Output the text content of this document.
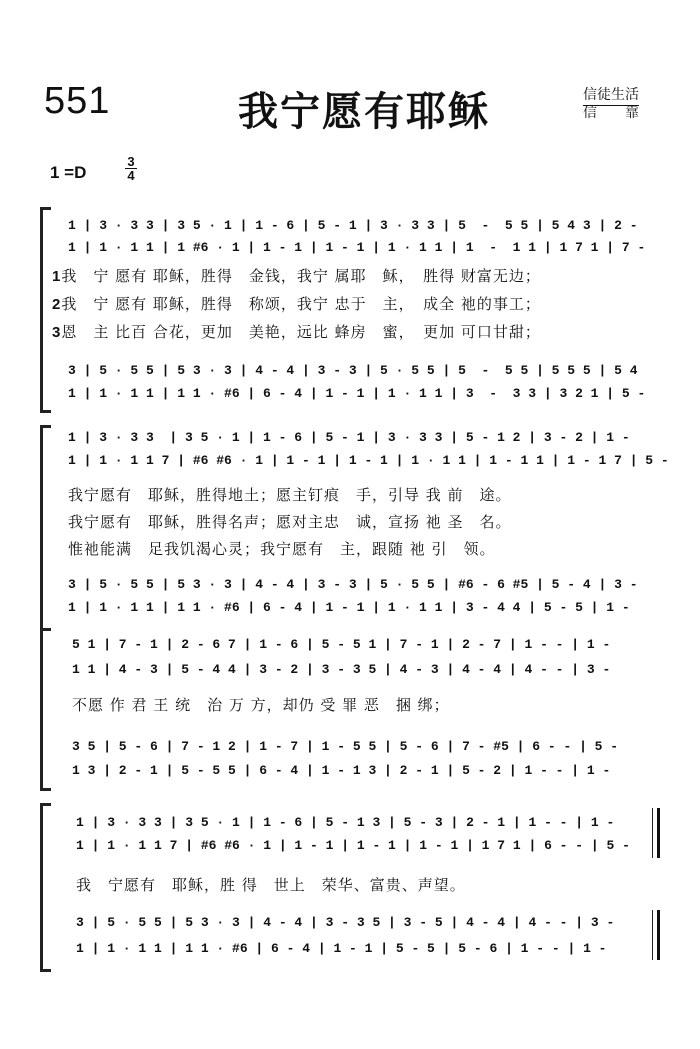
551	我宁愿有耶稣	信徒生活
信　　靠
1 =D
3
4
1 | 3 · 3 3 | 3 5 · 1 | 1 - 6 | 5 - 1 | 3 · 3 3 | 5  -  5 5 | 5 4 3 | 2 -
1 | 1 · 1 1 | 1 #6 · 1 | 1 - 1 | 1 - 1 | 1 · 1 1 | 1  -  1 1 | 1 7 1 | 7 -
1我　宁 愿有 耶稣，胜得　金钱，我宁 属耶　稣，　胜得 财富无边；
2我　宁 愿有 耶稣，胜得　称颂，我宁 忠于　主，　成全 祂的事工；
3恩　主 比百 合花，更加　美艳，远比 蜂房　蜜，　更加 可口甘甜；
3 | 5 · 5 5 | 5 3 · 3 | 4 - 4 | 3 - 3 | 5 · 5 5 | 5  -  5 5 | 5 5 5 | 5 4
1 | 1 · 1 1 | 1 1 · #6 | 6 - 4 | 1 - 1 | 1 · 1 1 | 3  -  3 3 | 3 2 1 | 5 -
1 | 3 · 3 3  | 3 5 · 1 | 1 - 6 | 5 - 1 | 3 · 3 3 | 5 - 1 2 | 3 - 2 | 1 -
1 | 1 · 1 1 7 | #6 #6 · 1 | 1 - 1 | 1 - 1 | 1 · 1 1 | 1 - 1 1 | 1 - 1 7 | 5 -
我宁愿有　耶稣，胜得地土；愿主钉痕　手，引导 我 前　途。
我宁愿有　耶稣，胜得名声；愿对主忠　诚，宣扬 祂 圣　名。
惟祂能满　足我饥渴心灵；我宁愿有　主，跟随 祂 引　领。
3 | 5 · 5 5 | 5 3 · 3 | 4 - 4 | 3 - 3 | 5 · 5 5 | #6 - 6 #5 | 5 - 4 | 3 -
1 | 1 · 1 1 | 1 1 · #6 | 6 - 4 | 1 - 1 | 1 · 1 1 | 3 - 4 4 | 5 - 5 | 1 -
5 1 | 7 - 1 | 2 - 6 7 | 1 - 6 | 5 - 5 1 | 7 - 1 | 2 - 7 | 1 - - | 1 -
1 1 | 4 - 3 | 5 - 4 4 | 3 - 2 | 3 - 3 5 | 4 - 3 | 4 - 4 | 4 - - | 3 -
不愿 作 君 王 统　治 万 方，却仍 受 罪 恶　捆 绑；
3 5 | 5 - 6 | 7 - 1 2 | 1 - 7 | 1 - 5 5 | 5 - 6 | 7 - #5 | 6 - - | 5 -
1 3 | 2 - 1 | 5 - 5 5 | 6 - 4 | 1 - 1 3 | 2 - 1 | 5 - 2 | 1 - - | 1 -
1 | 3 · 3 3 | 3 5 · 1 | 1 - 6 | 5 - 1 3 | 5 - 3 | 2 - 1 | 1 - - | 1 -
1 | 1 · 1 1 7 | #6 #6 · 1 | 1 - 1 | 1 - 1 | 1 - 1 | 1 7 1 | 6 - - | 5 -
我　宁愿有　耶稣，胜 得　世上　荣华、富贵、声望。
3 | 5 · 5 5 | 5 3 · 3 | 4 - 4 | 3 - 3 5 | 3 - 5 | 4 - 4 | 4 - - | 3 -
1 | 1 · 1 1 | 1 1 · #6 | 6 - 4 | 1 - 1 | 5 - 5 | 5 - 6 | 1 - - | 1 -
